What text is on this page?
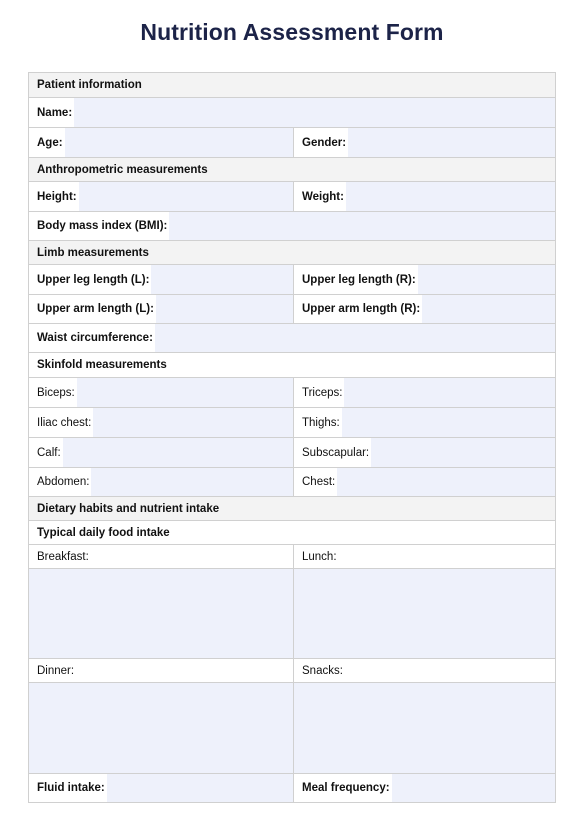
Nutrition Assessment Form
Patient information
Name:
Age:	Gender:
Anthropometric measurements
Height:	Weight:
Body mass index (BMI):
Limb measurements
Upper leg length (L):	Upper leg length (R):
Upper arm length (L):	Upper arm length (R):
Waist circumference:
Skinfold measurements
Biceps:	Triceps:
Iliac chest:	Thighs:
Calf:	Subscapular:
Abdomen:	Chest:
Dietary habits and nutrient intake
Typical daily food intake
Breakfast:	Lunch:
Dinner:	Snacks:
Fluid intake:	Meal frequency:
